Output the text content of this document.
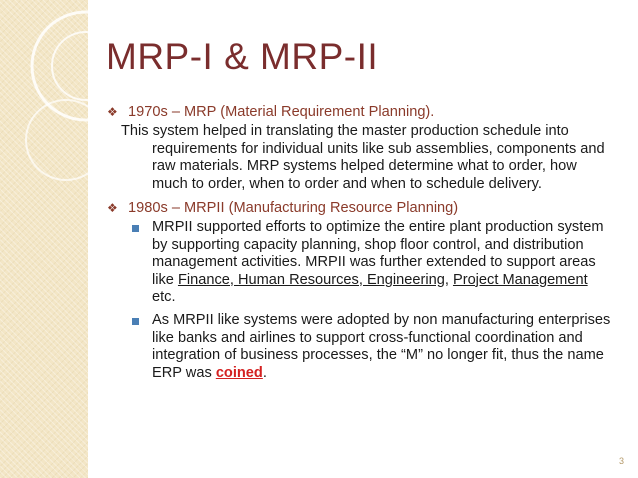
MRP-I & MRP-II
❖ 1970s – MRP (Material Requirement Planning).

This system helped in translating the master production schedule into requirements for individual units like sub assemblies, components and raw materials. MRP systems helped determine what to order, how much to order, when to order and when to schedule delivery.

❖ 1980s – MRPII (Manufacturing Resource Planning)
MRPII supported efforts to optimize the entire plant production system by supporting capacity planning, shop floor control, and distribution management activities. MRPII was further extended to support areas like Finance, Human Resources, Engineering, Project Management etc.
As MRPII like systems were adopted by non manufacturing enterprises like banks and airlines to support cross-functional coordination and integration of business processes, the “M” no longer fit, thus the name ERP was coined.
3
